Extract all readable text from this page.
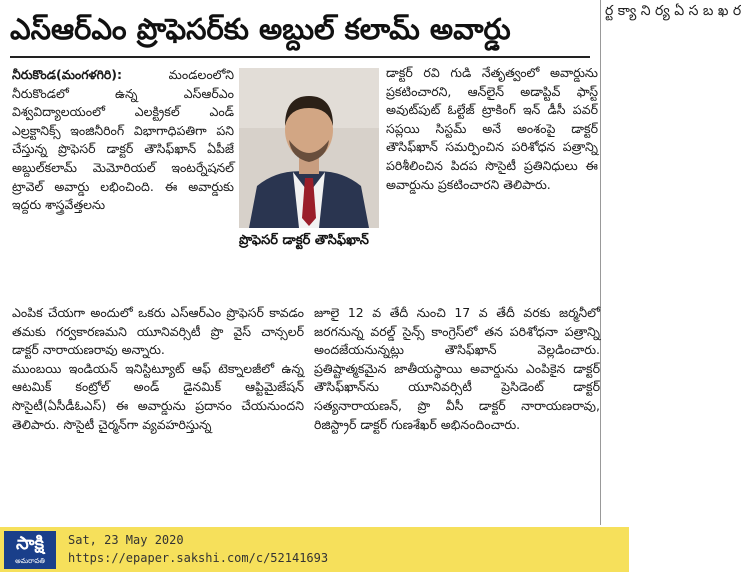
ఎస్‌ఆర్‌ఎం ప్రొఫెసర్‌కు అబ్దుల్ కలామ్ అవార్డు
ర్ట క్యా ని ర్య ఏ స బ ఖ ర

నీరుకొండ(మంగళగిరి):	మండలంలోని నీరుకొండలో ఉన్న ఎస్ఆర్ఎం విశ్వవిద్యాలయంలో ఎలక్ట్రికల్ ఎండ్ ఎల్రక్టానిక్స్ ఇంజినీరింగ్ విభాగాధిపతిగా పని చేస్తున్న ప్రొఫెసర్ డాక్టర్ తౌసిఫ్‌ఖాన్ ఏపీజే అబ్దుల్‌కలామ్ మెమోరియల్ ఇంటర్నేషనల్ ట్రావెల్ అవార్డు లభించింది. ఈ అవార్డుకు ఇద్దరు శాస్త్రవేత్తలను

ప్రొఫెసర్ డాక్టర్ తౌసిఫ్‌ఖాన్

డాక్టర్ రవి గుడి నేతృత్వంలో అవార్డును ప్రకటించారని, ఆన్‌లైన్ అడాప్టివ్ ఫాస్ట్ అవుట్‌పుట్ ఓల్టేజ్ ట్రాకింగ్ ఇన్ డీసీ పవర్ సప్లయి సిస్టమ్ అనే అంశంపై డాక్టర్ తౌసిఫ్‌ఖాన్ సమర్పించిన పరిశోధన పత్రాన్ని పరిశీలించిన పిదప సొసైటీ ప్రతినిధులు ఈ అవార్డును ప్రకటించారని తెలిపారు.

ఎంపిక చేయగా అందులో ఒకరు ఎస్ఆర్ఎం ప్రొఫెసర్ కావడం తమకు గర్వకారణమని యూనివర్సిటీ ప్రొ వైస్ చాన్సలర్ డాక్టర్ నారాయణరావు అన్నారు.

ముంబయి ఇండియన్ ఇనిస్టిట్యూట్ ఆఫ్ టెక్నాలజీలో ఉన్న ఆటమిక్ కంట్రోల్ అండ్ డైనమిక్ ఆప్టిమైజేషన్ సొసైటీ(ఏసీడీఓఎస్) ఈ అవార్డును ప్రదానం చేయనుందని తెలిపారు. సొసైటీ చైర్మన్‌గా వ్యవహరిస్తున్న

సాక్షి
అమరావతి
Sat, 23 May 2020
https://epaper.sakshi.com/c/52141693

జూలై 12 వ తేదీ నుంచి 17 వ తేదీ వరకు జర్మనీలో జరగనున్న వరల్డ్ సైన్స్ కాంగ్రెస్‌లో తన పరిశోధనా పత్రాన్ని అందజేయనున్నట్లు తౌసిఫ్‌ఖాన్ వెల్లడించారు. ప్రతిష్టాత్మకమైన జాతీయస్థాయి అవార్డును ఎంపికైన డాక్టర్ తౌసిఫ్‌ఖాన్‌ను యూనివర్సిటీ ప్రెసిడెంట్ డాక్టర్ సత్యనారాయణన్, ప్రొ వీసీ డాక్టర్ నారాయణరావు, రిజిస్ట్రార్ డాక్టర్ గుణశేఖర్ అభినందించారు.
